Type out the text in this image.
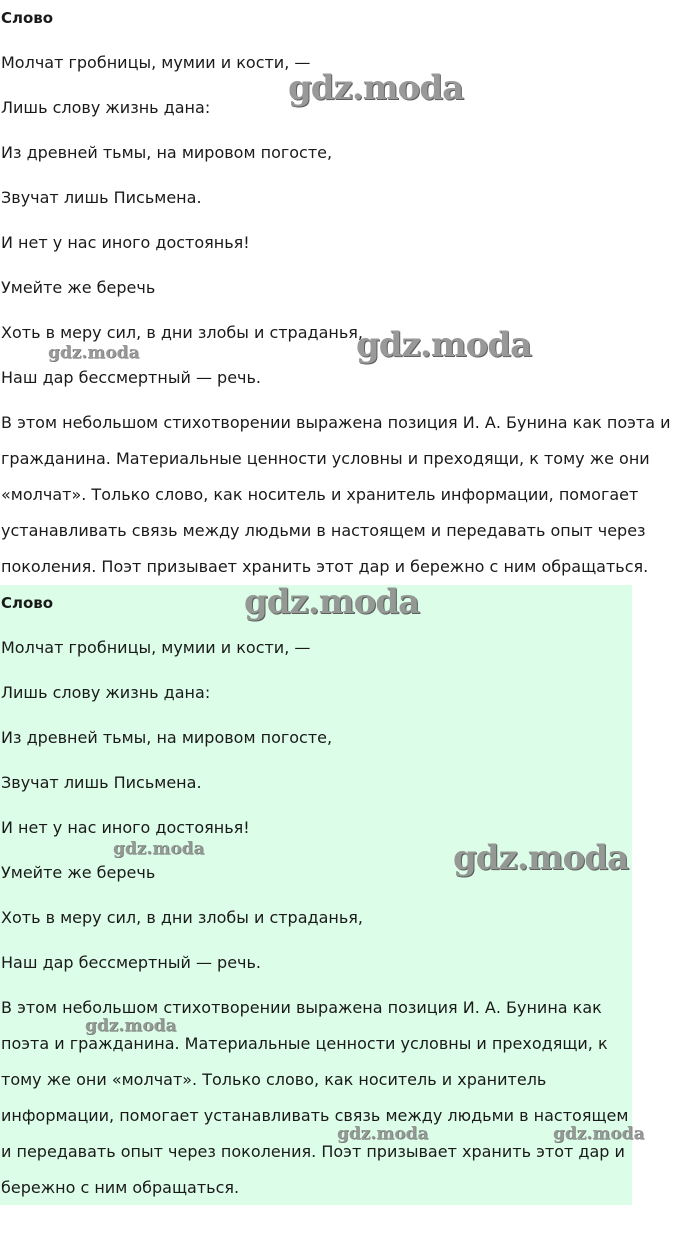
Слово
Молчат гробницы, мумии и кости, —
Лишь слову жизнь дана:
Из древней тьмы, на мировом погосте,
Звучат лишь Письмена.
И нет у нас иного достоянья!
Умейте же беречь
Хоть в меру сил, в дни злобы и страданья,
Наш дар бессмертный — речь.
В этом небольшом стихотворении выражена позиция И. А. Бунина как поэта и
гражданина. Материальные ценности условны и преходящи, к тому же они
«молчат». Только слово, как носитель и хранитель информации, помогает
устанавливать связь между людьми в настоящем и передавать опыт через
поколения. Поэт призывает хранить этот дар и бережно с ним обращаться.
Слово
Молчат гробницы, мумии и кости, —
Лишь слову жизнь дана:
Из древней тьмы, на мировом погосте,
Звучат лишь Письмена.
И нет у нас иного достоянья!
Умейте же беречь
Хоть в меру сил, в дни злобы и страданья,
Наш дар бессмертный — речь.
В этом небольшом стихотворении выражена позиция И. А. Бунина как
поэта и гражданина. Материальные ценности условны и преходящи, к
тому же они «молчат». Только слово, как носитель и хранитель
информации, помогает устанавливать связь между людьми в настоящем
и передавать опыт через поколения. Поэт призывает хранить этот дар и
бережно с ним обращаться.
gdz.moda
gdz.moda
gdz.moda
gdz.moda
gdz.moda	gdz.moda
gdz.moda
gdz.moda	gdz.moda
